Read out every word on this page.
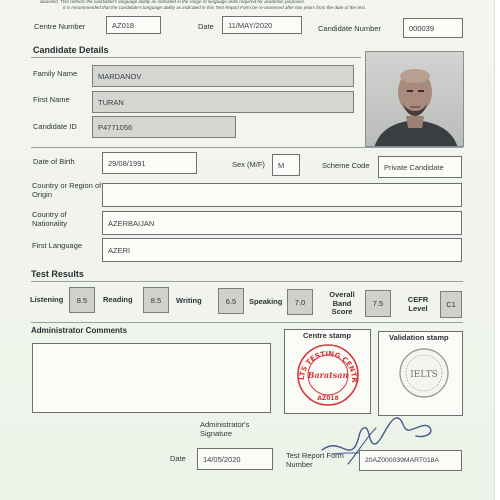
awarded. This reflects the candidate's language ability as indicated in the range of language skills required for academic purposes.
It is recommended that the candidate's language ability as indicated in this Test Report Form be re-assessed after two years from the date of the test.
Centre Number	AZ018	Date	11/MAY/2020	Candidate Number	000039
Candidate Details
Family Name	MARDANOV
First Name	TURAN
Candidate ID	P4771056
Date of Birth	29/08/1991	Sex (M/F)	M	Scheme Code	Private Candidate
Country or Region of Origin
Country of Nationality	AZERBAIJAN
First Language	AZERI
Test Results
Listening	8.5	Reading	8.5	Writing	6.5	Speaking	7.0
Overall Band Score
7.5	CEFR Level	C1
Administrator Comments
Centre stamp
LTS TESTING CENTR
Baratsan
AZ018
Validation stamp
IELTS
Administrator's Signature
Date	14/05/2020	Test Report Form Number	20AZ000039MART018A
